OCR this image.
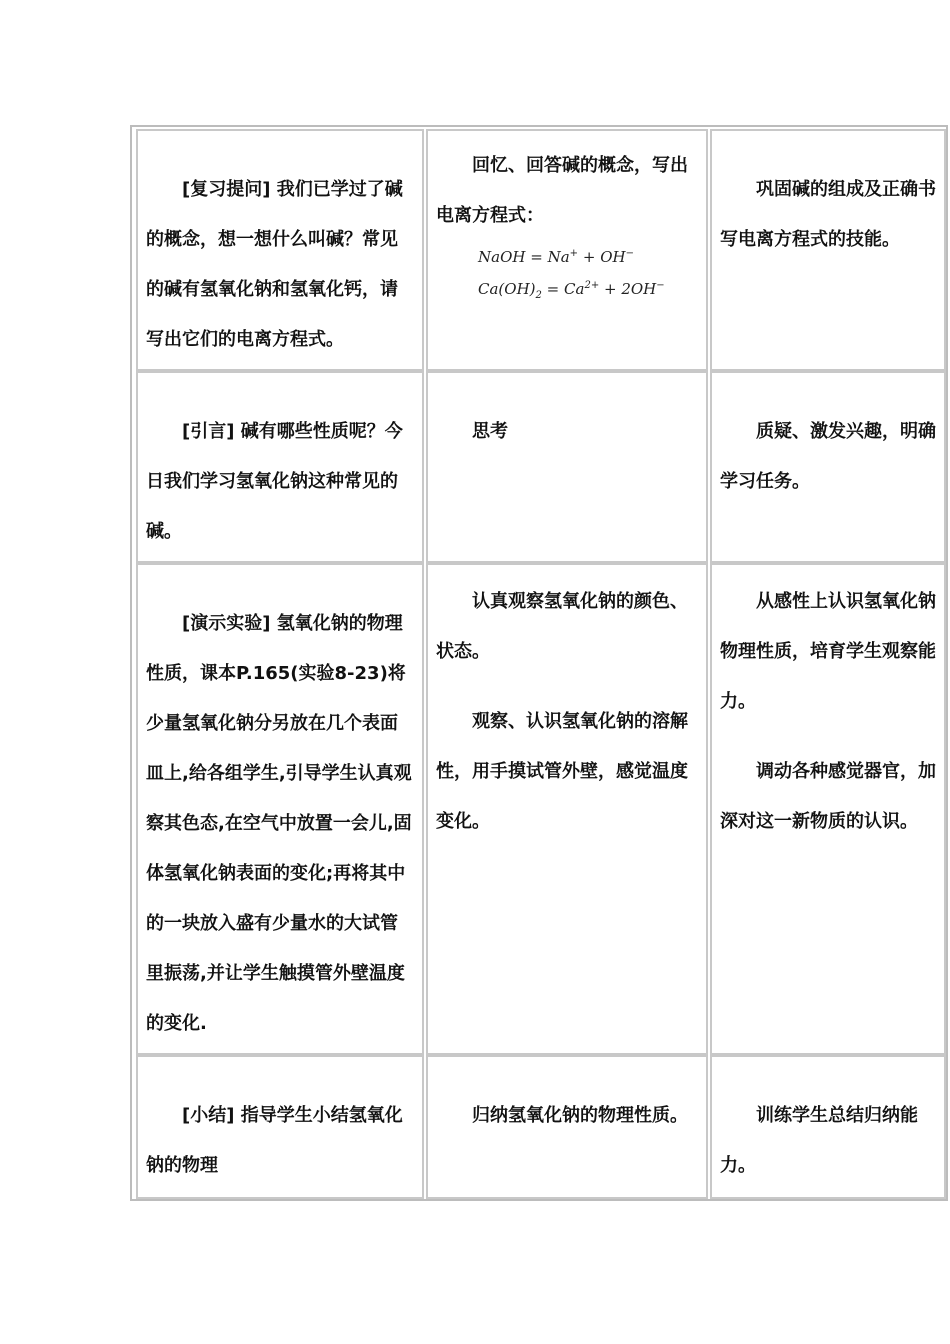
[复习提问] 我们已学过了碱的概念，想一想什么叫碱？常见的碱有氢氧化钠和氢氧化钙，请写出它们的电离方程式。

回忆、回答碱的概念，写出电离方程式：

NaOH = Na+ + OH−
$Ca(OH)_2 = Ca^{2+} + 2OH^-$

巩固碱的组成及正确书写电离方程式的技能。

[引言] 碱有哪些性质呢？今日我们学习氢氧化钠这种常见的碱。

思考	质疑、激发兴趣，明确学习任务。

[演示实验] 氢氧化钠的物理性质，课本P.165(实验8-23)将少量氢氧化钠分另放在几个表面皿上,给各组学生,引导学生认真观察其色态,在空气中放置一会儿,固体氢氧化钠表面的变化;再将其中的一块放入盛有少量水的大试管里振荡,并让学生触摸管外壁温度的变化.

认真观察氢氧化钠的颜色、状态。

观察、认识氢氧化钠的溶解性，用手摸试管外壁，感觉温度变化。

从感性上认识氢氧化钠物理性质，培育学生观察能力。

调动各种感觉器官，加深对这一新物质的认识。

[小结] 指导学生小结氢氧化钠的物理

归纳氢氧化钠的物理性质。	训练学生总结归纳能力。
